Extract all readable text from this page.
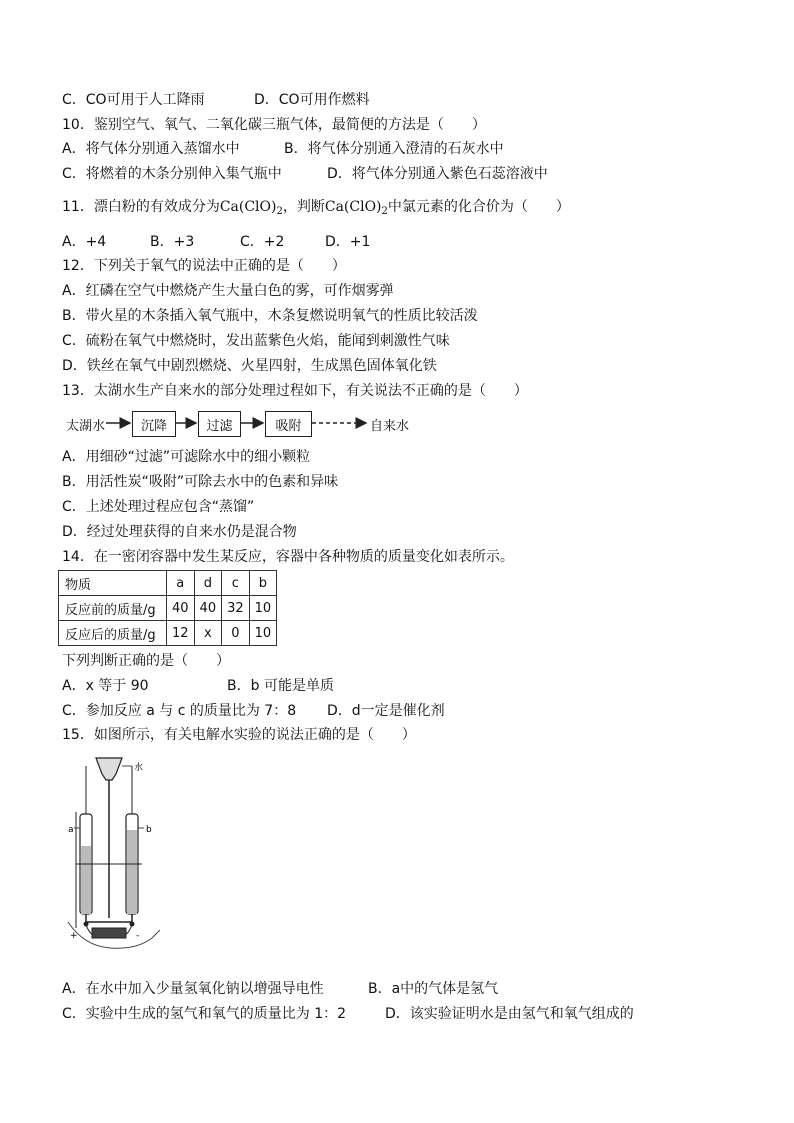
C．CO可用于人工降雨	D．CO可用作燃料
10．鉴别空气、氧气、二氧化碳三瓶气体，最简便的方法是（　　）
A．将气体分别通入蒸馏水中	B．将气体分别通入澄清的石灰水中
C．将燃着的木条分别伸入集气瓶中	D．将气体分别通入紫色石蕊溶液中
11．漂白粉的有效成分为$Ca(ClO)_2$，判断$Ca(ClO)_2$中氯元素的化合价为（　　）
A．+4	B．+3	C．+2	D．+1
12．下列关于氧气的说法中正确的是（　　）
A．红磷在空气中燃烧产生大量白色的雾，可作烟雾弹
B．带火星的木条插入氧气瓶中，木条复燃说明氧气的性质比较活泼
C．硫粉在氧气中燃烧时，发出蓝紫色火焰，能闻到刺激性气味
D．铁丝在氧气中剧烈燃烧、火星四射，生成黑色固体氧化铁
13．太湖水生产自来水的部分处理过程如下，有关说法不正确的是（　　）
太湖水	沉降	过滤	吸附	自来水
A．用细砂“过滤”可滤除水中的细小颗粒
B．用活性炭“吸附”可除去水中的色素和异味
C．上述处理过程应包含“蒸馏”
D．经过处理获得的自来水仍是混合物
14．在一密闭容器中发生某反应，容器中各种物质的质量变化如表所示。
物质	a	d	c	b
反应前的质量/g	40	40	32	10
反应后的质量/g	12	x	0	10
下列判断正确的是（　　）
A．x 等于 90	B．b 可能是单质
C．参加反应 a 与 c 的质量比为 7：8 D．d一定是催化剂
15．如图所示，有关电解水实验的说法正确的是（　　）
水
a	b
+	-
A．在水中加入少量氢氧化钠以增强导电性	B．a中的气体是氢气
C．实验中生成的氢气和氧气的质量比为 1：2	D．该实验证明水是由氢气和氧气组成的
